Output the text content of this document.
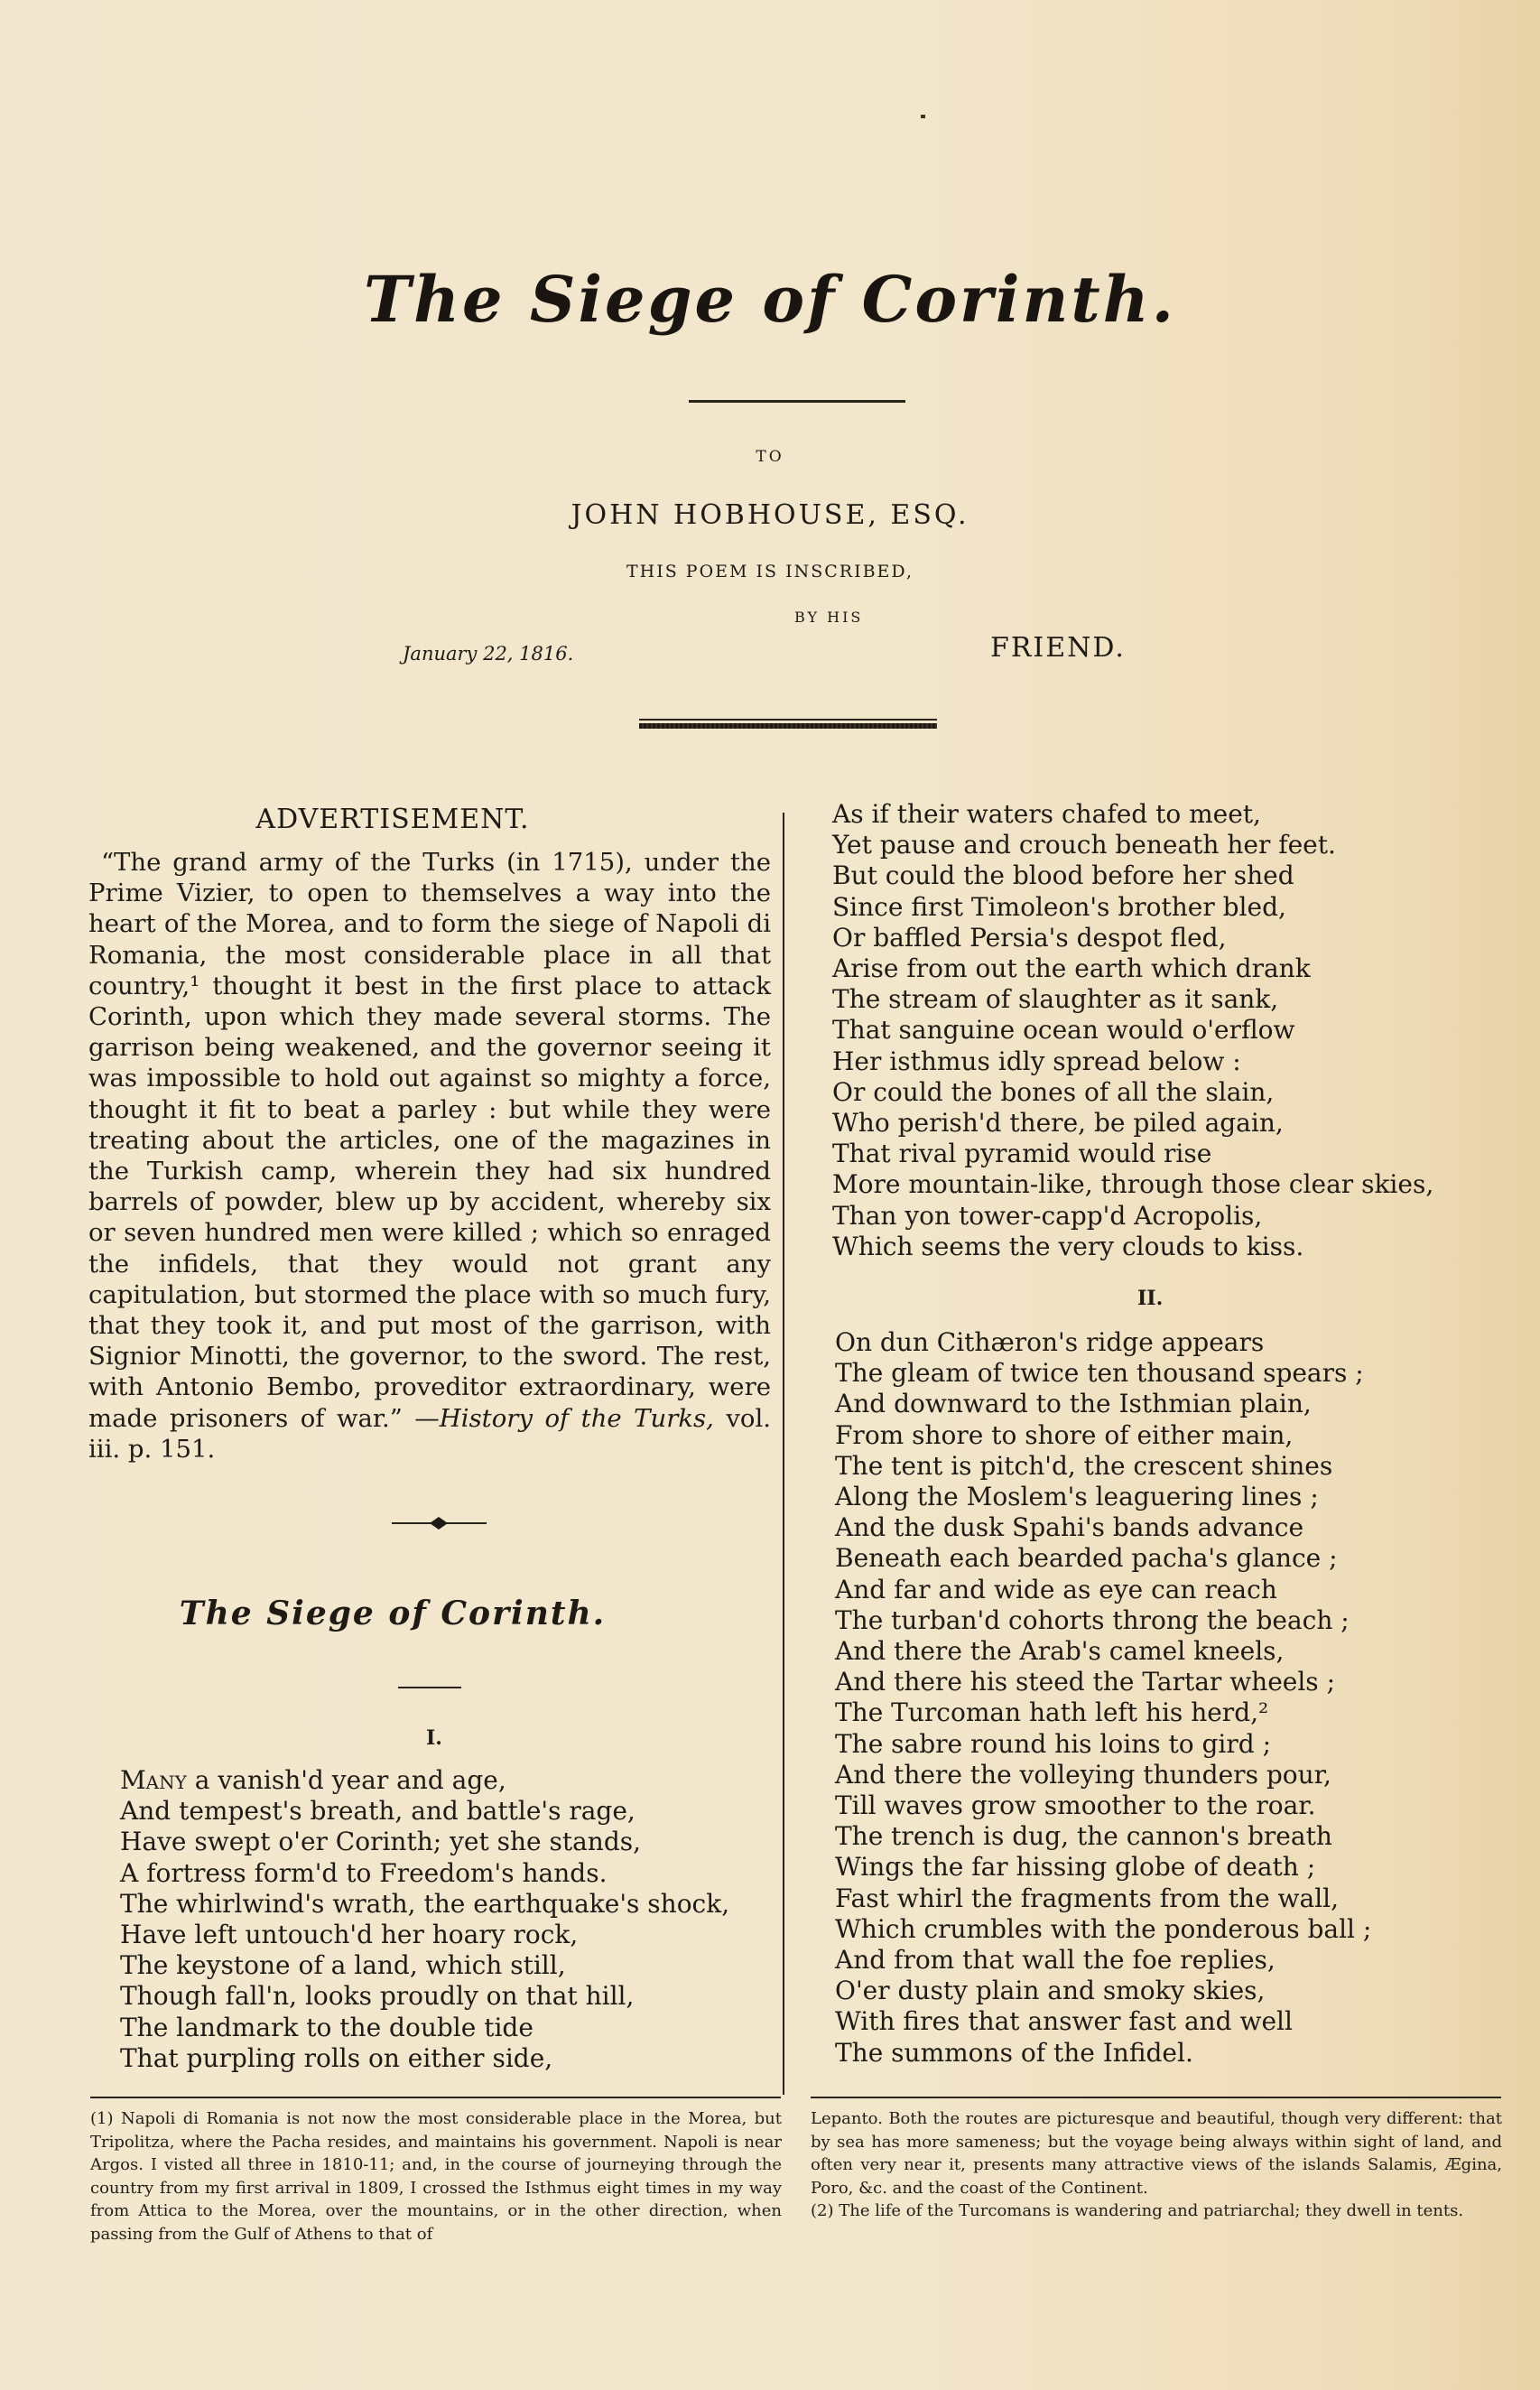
The Siege of Corinth.
TO
JOHN HOBHOUSE, ESQ.
THIS POEM IS INSCRIBED,
BY HIS
January 22, 1816.	FRIEND.
ADVERTISEMENT.

“The grand army of the Turks (in 1715), under the Prime Vizier, to open to themselves a way into the heart of the Morea, and to form the siege of Napoli di Romania, the most considerable place in all that country,¹ thought it best in the first place to attack Corinth, upon which they made several storms. The garrison being weakened, and the governor seeing it was impossible to hold out against so mighty a force, thought it fit to beat a parley : but while they were treating about the articles, one of the magazines in the Turkish camp, wherein they had six hundred barrels of powder, blew up by accident, whereby six or seven hundred men were killed ; which so enraged the infidels, that they would not grant any capitulation, but stormed the place with so much fury, that they took it, and put most of the garrison, with Signior Minotti, the governor, to the sword. The rest, with Antonio Bembo, proveditor extraordinary, were made prisoners of war.” —History of the Turks, vol. iii. p. 151.

The Siege of Corinth.
I.
Many a vanish'd year and age,
And tempest's breath, and battle's rage,
Have swept o'er Corinth; yet she stands,
A fortress form'd to Freedom's hands.
The whirlwind's wrath, the earthquake's shock,
Have left untouch'd her hoary rock,
The keystone of a land, which still,
Though fall'n, looks proudly on that hill,
The landmark to the double tide
That purpling rolls on either side,
As if their waters chafed to meet,
Yet pause and crouch beneath her feet.
But could the blood before her shed
Since first Timoleon's brother bled,
Or baffled Persia's despot fled,
Arise from out the earth which drank
The stream of slaughter as it sank,
That sanguine ocean would o'erflow
Her isthmus idly spread below :
Or could the bones of all the slain,
Who perish'd there, be piled again,
That rival pyramid would rise
More mountain-like, through those clear skies,
Than yon tower-capp'd Acropolis,
Which seems the very clouds to kiss.
II.
On dun Cithæron's ridge appears
The gleam of twice ten thousand spears ;
And downward to the Isthmian plain,
From shore to shore of either main,
The tent is pitch'd, the crescent shines
Along the Moslem's leaguering lines ;
And the dusk Spahi's bands advance
Beneath each bearded pacha's glance ;
And far and wide as eye can reach
The turban'd cohorts throng the beach ;
And there the Arab's camel kneels,
And there his steed the Tartar wheels ;
The Turcoman hath left his herd,²
The sabre round his loins to gird ;
And there the volleying thunders pour,
Till waves grow smoother to the roar.
The trench is dug, the cannon's breath
Wings the far hissing globe of death ;
Fast whirl the fragments from the wall,
Which crumbles with the ponderous ball ;
And from that wall the foe replies,
O'er dusty plain and smoky skies,
With fires that answer fast and well
The summons of the Infidel.

(1) Napoli di Romania is not now the most considerable place in the Morea, but Tripolitza, where the Pacha resides, and maintains his government. Napoli is near Argos. I visted all three in 1810-11; and, in the course of journeying through the country from my first arrival in 1809, I crossed the Isthmus eight times in my way from Attica to the Morea, over the mountains, or in the other direction, when passing from the Gulf of Athens to that of

Lepanto. Both the routes are picturesque and beautiful, though very different: that by sea has more sameness; but the voyage being always within sight of land, and often very near it, presents many attractive views of the islands Salamis, Ægina, Poro, &c. and the coast of the Continent.

(2) The life of the Turcomans is wandering and patriarchal; they dwell in tents.
